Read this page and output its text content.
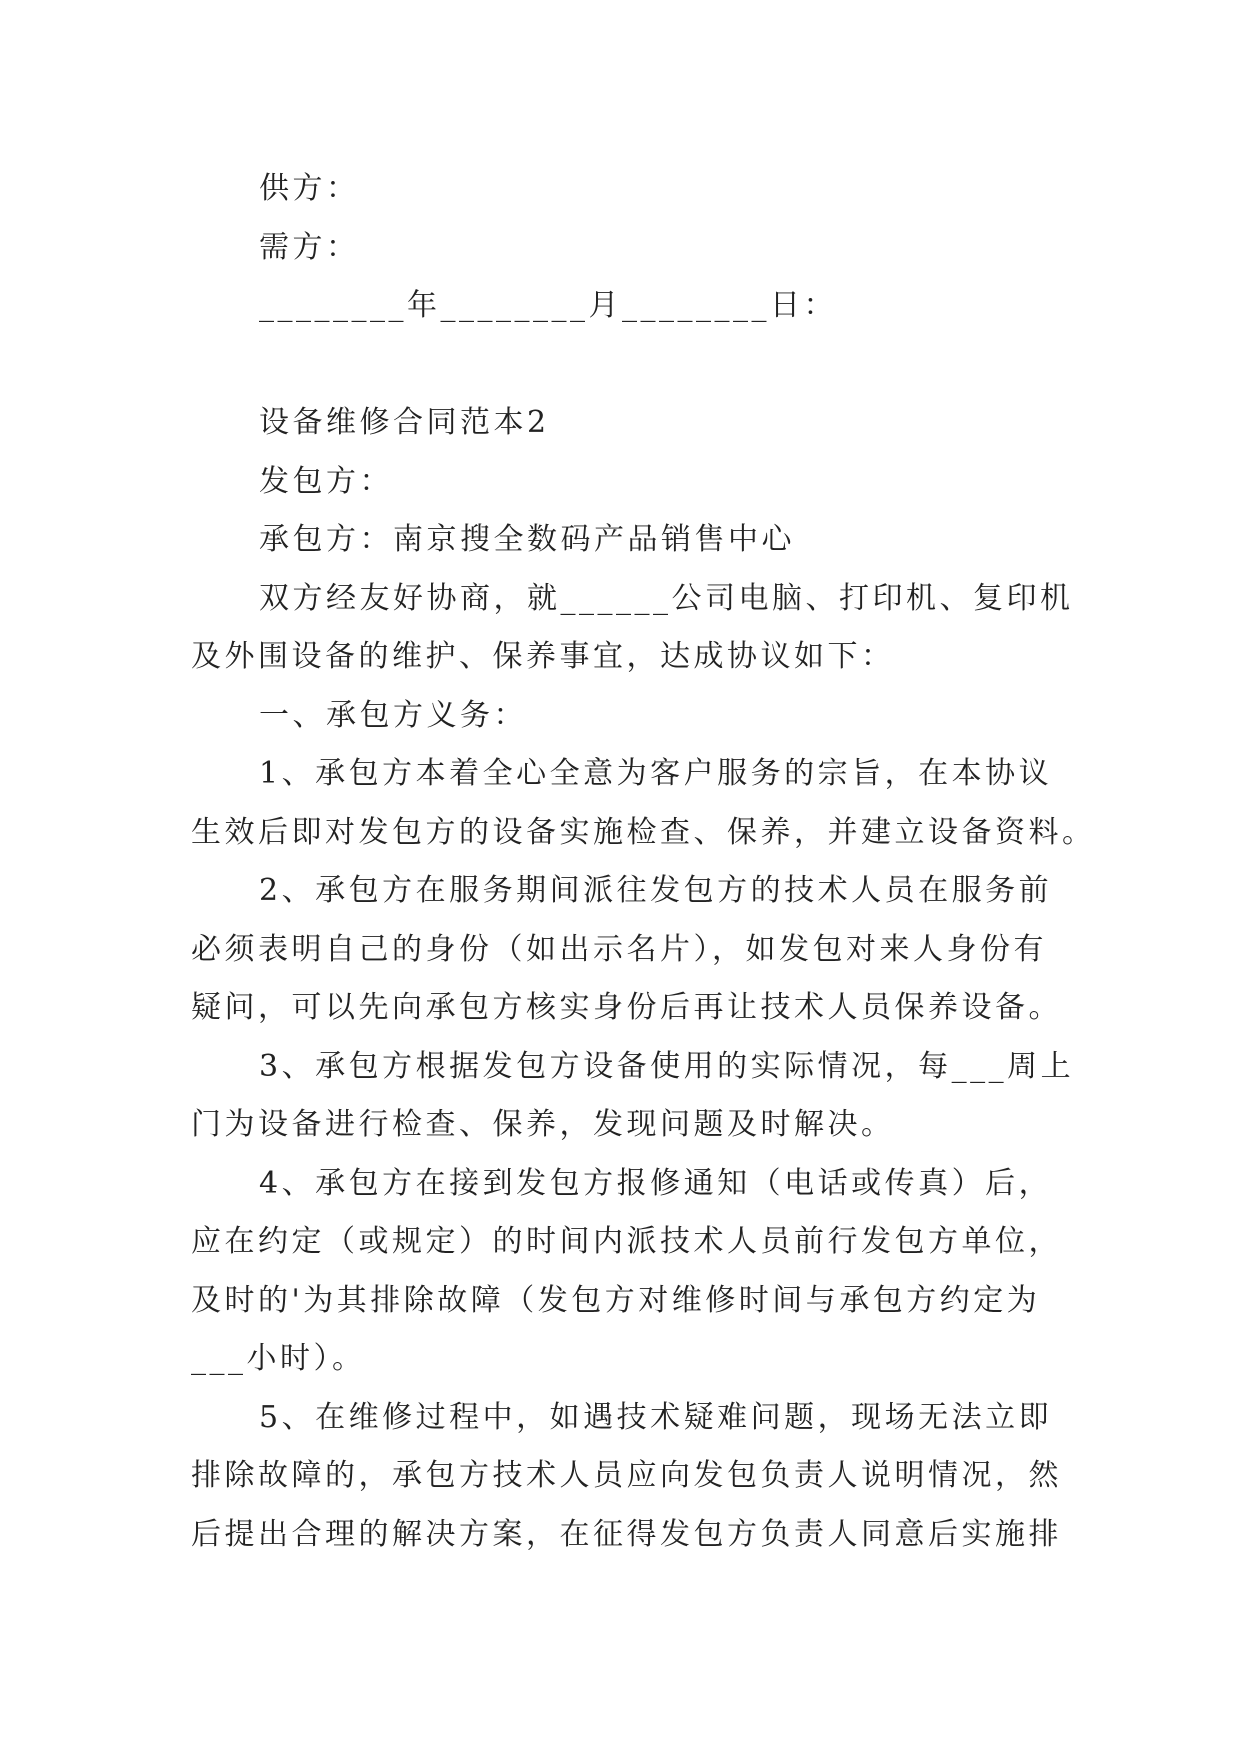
供方：
需方：
________年________月________日：
设备维修合同范本2
发包方：
承包方：南京搜全数码产品销售中心
双方经友好协商，就______公司电脑、打印机、复印机
及外围设备的维护、保养事宜，达成协议如下：
一、承包方义务：
1、承包方本着全心全意为客户服务的宗旨，在本协议
生效后即对发包方的设备实施检查、保养，并建立设备资料。
2、承包方在服务期间派往发包方的技术人员在服务前
必须表明自己的身份（如出示名片），如发包对来人身份有
疑问，可以先向承包方核实身份后再让技术人员保养设备。
3、承包方根据发包方设备使用的实际情况，每___周上
门为设备进行检查、保养，发现问题及时解决。
4、承包方在接到发包方报修通知（电话或传真）后，
应在约定（或规定）的时间内派技术人员前行发包方单位，
及时的'为其排除故障（发包方对维修时间与承包方约定为
___小时）。
5、在维修过程中，如遇技术疑难问题，现场无法立即
排除故障的，承包方技术人员应向发包负责人说明情况，然
后提出合理的解决方案，在征得发包方负责人同意后实施排
